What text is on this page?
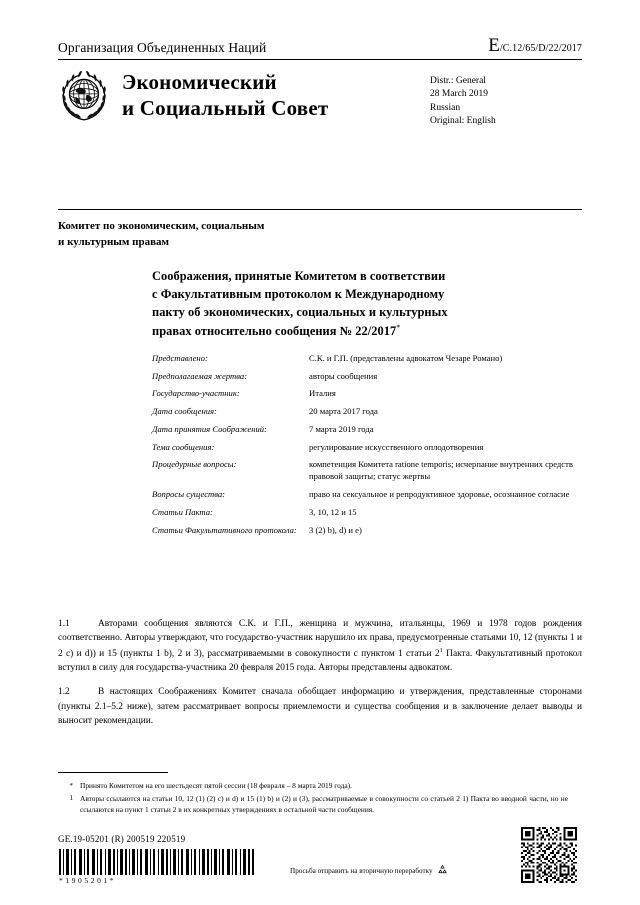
Организация Объединенных Наций	E/C.12/65/D/22/2017
Экономический
и Социальный Совет
Distr.: General
28 March 2019
Russian
Original: English
Комитет по экономическим, социальным
и культурным правам
Соображения, принятые Комитетом в соответствии
с Факультативным протоколом к Международному
пакту об экономических, социальных и культурных
правах относительно сообщения № 22/2017*
Представлено:	С.К. и Г.П. (представлены адвокатом Чезаре Романо)
Предполагаемая жертва:	авторы сообщения
Государство-участник:	Италия
Дата сообщения:	20 марта 2017 года
Дата принятия Соображений:	7 марта 2019 года
Тема сообщения:	регулирование искусственного оплодотворения
Процедурные вопросы:	компетенция Комитета ratione temporis; исчерпание внутренних средств правовой защиты; статус жертвы
Вопросы существа:	право на сексуальное и репродуктивное здоровье, осознанное согласие
Статьи Пакта:	3, 10, 12 и 15
Статьи Факультативного протокола:	3 (2) b), d) и e)
1.1	Авторами сообщения являются С.К. и Г.П., женщина и мужчина, итальянцы, 1969 и 1978 годов рождения соответственно. Авторы утверждают, что государство-участник нарушило их права, предусмотренные статьями 10, 12 (пункты 1 и 2 c) и d)) и 15 (пункты 1 b), 2 и 3), рассматриваемыми в совокупности с пунктом 1 статьи $2^1$ Пакта. Факультативный протокол вступил в силу для государства-участника 20 февраля 2015 года. Авторы представлены адвокатом.
1.2	В настоящих Соображениях Комитет сначала обобщает информацию и утверждения, представленные сторонами (пункты 2.1–5.2 ниже), затем рассматривает вопросы приемлемости и существа сообщения и в заключение делает выводы и выносит рекомендации.
* Принято Комитетом на его шестьдесят пятой сессии (18 февраля – 8 марта 2019 года).
1 Авторы ссылаются на статьи 10, 12 (1) (2) c) и d) и 15 (1) b) и (2) и (3), рассматриваемые в совокупности со статьей 2 1) Пакта во вводной части, но не ссылаются на пункт 1 статьи 2 в их конкретных утверждениях в остальной части сообщения.
GE.19-05201 (R) 200519 220519
*1905201*
Просьба отправить на вторичную переработку
